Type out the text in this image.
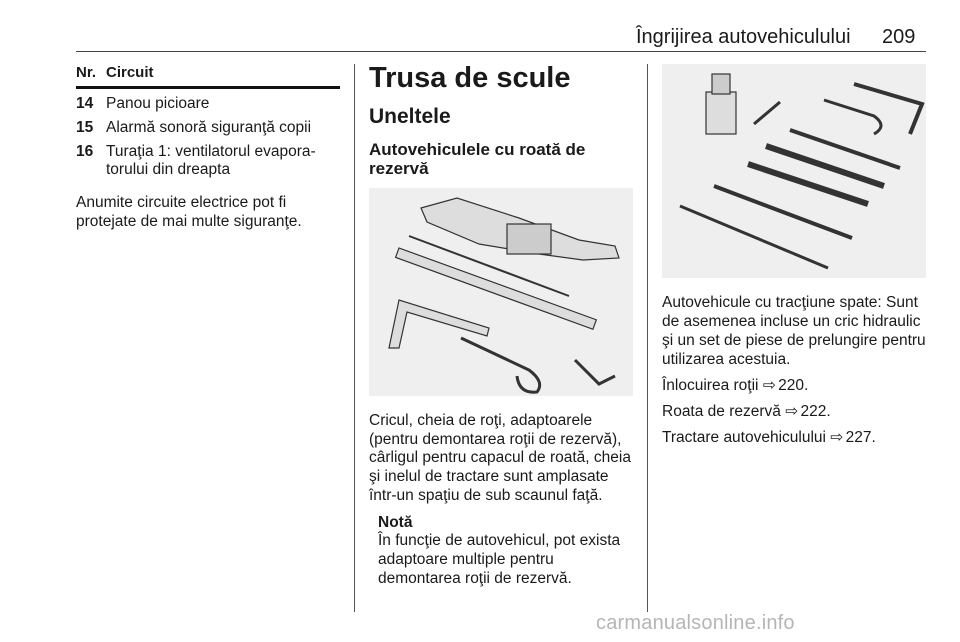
Îngrijirea autovehiculului 209
Nr. Circuit
14 Panou picioare
15 Alarmă sonoră siguranţă copii
16 Turaţia 1: ventilatorul evapora-torului din dreapta

Anumite circuite electrice pot fi protejate de mai multe siguranţe.

Trusa de scule
Uneltele
Autovehiculele cu roată de rezervă

Cricul, cheia de roţi, adaptoarele (pentru demontarea roţii de rezervă), cârligul pentru capacul de roată, cheia şi inelul de tractare sunt amplasate într-un spaţiu de sub scaunul faţă.

Notă
În funcţie de autovehicul, pot exista adaptoare multiple pentru demontarea roţii de rezervă.

Autovehicule cu tracţiune spate: Sunt de asemenea incluse un cric hidraulic şi un set de piese de prelungire pentru utilizarea acestuia.

Înlocuirea roţii ⇨ 220.

Roata de rezervă ⇨ 222.

Tractare autovehiculului ⇨ 227.

carmanualsonline.info
